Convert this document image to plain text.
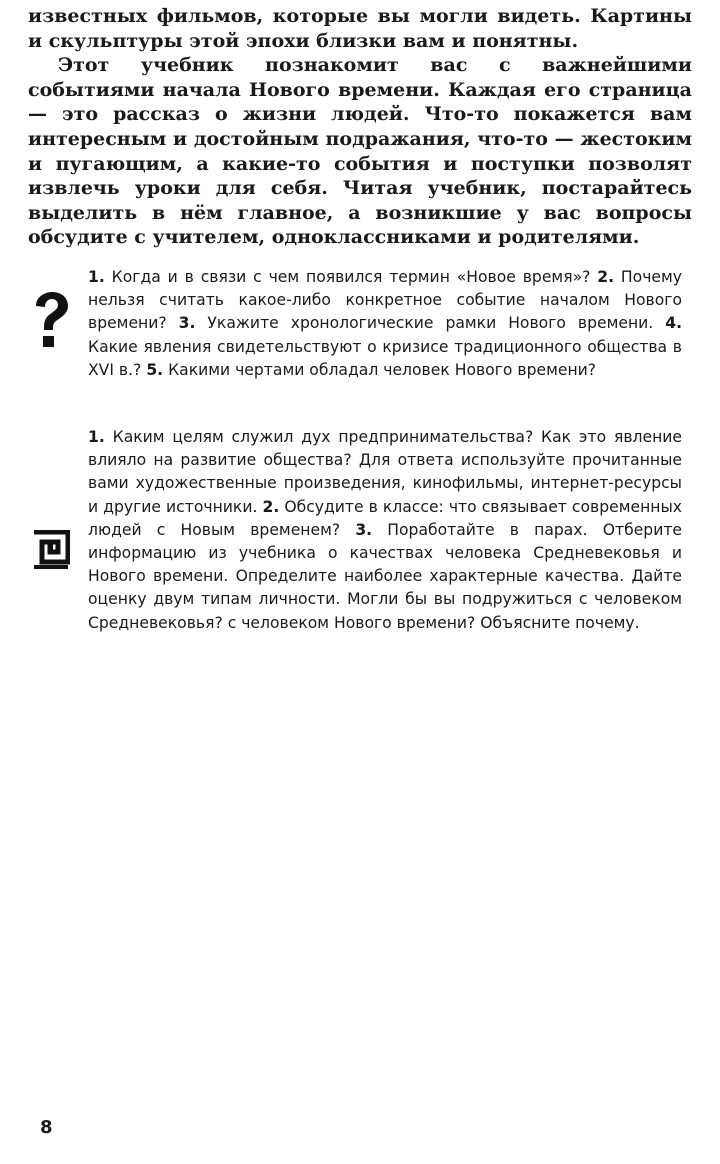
известных фильмов, которые вы могли видеть. Картины и скульптуры этой эпохи близки вам и понятны.

Этот учебник познакомит вас с важнейшими событиями начала Нового времени. Каждая его страница — это рассказ о жизни людей. Что-то покажется вам интересным и достойным подражания, что-то — жестоким и пугающим, а какие-то события и поступки позволят извлечь уроки для себя. Читая учебник, постарайтесь выделить в нём главное, а возникшие у вас вопросы обсудите с учителем, одноклассниками и родителями.

1. Когда и в связи с чем появился термин «Новое время»? 2. Почему нельзя считать какое-либо конкретное событие началом Нового времени? 3. Укажите хронологические рамки Нового времени. 4. Какие явления свидетельствуют о кризисе традиционного общества в XVI в.? 5. Какими чертами обладал человек Нового времени?
1. Каким целям служил дух предпринимательства? Как это явление влияло на развитие общества? Для ответа используйте прочитанные вами художественные произведения, кинофильмы, интернет-ресурсы и другие источники. 2. Обсудите в классе: что связывает современных людей с Новым временем? 3. Поработайте в парах. Отберите информацию из учебника о качествах человека Средневековья и Нового времени. Определите наиболее характерные качества. Дайте оценку двум типам личности. Могли бы вы подружиться с человеком Средневековья? с человеком Нового времени? Объясните почему.
8
